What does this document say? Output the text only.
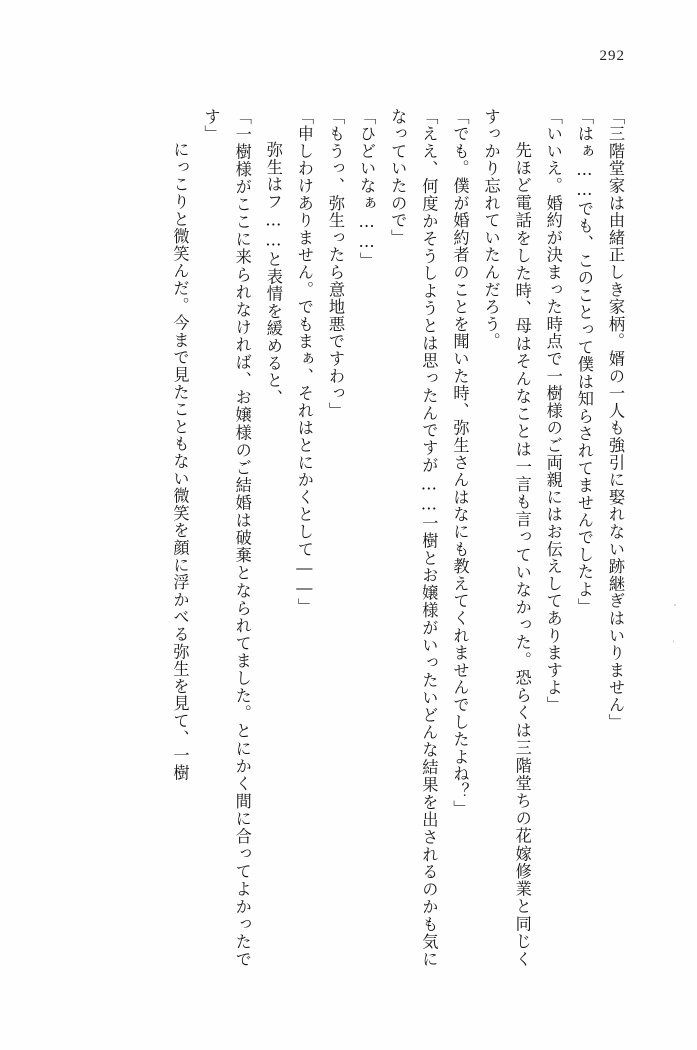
292

「三階堂家は由緒正しき家柄。婿の一人も強引に娶れない跡継ぎはいりません」

「はぁ……でも、このことって僕は知らされてませんでしたよ」

「いいえ。婚約が決まった時点で一樹様のご両親にはお伝えしてありますよ」

　先ほど電話をした時、母はそんなことは一言も言っていなかった。恐らくは三階堂ちの花嫁修業と同じくすっかり忘れていたんだろう。

「でも。僕が婚約者のことを聞いた時、弥生さんはなにも教えてくれませんでしたよね？」

「ええ、何度かそうしようとは思ったんですが……一樹とお嬢様がいったいどんな結果を出されるのかも気になっていたので」

「ひどいなぁ……」

「もうっ、弥生ったら意地悪ですわっ」

「申しわけありません。でもまぁ、それはとにかくとして――」

　弥生はフ……と表情を緩めると、

「一樹様がここに来られなければ、お嬢様のご結婚は破棄となられてました。とにかく間に合ってよかったです」

　にっこりと微笑んだ。今まで見たこともない微笑を顔に浮かべる弥生を見て、一樹
